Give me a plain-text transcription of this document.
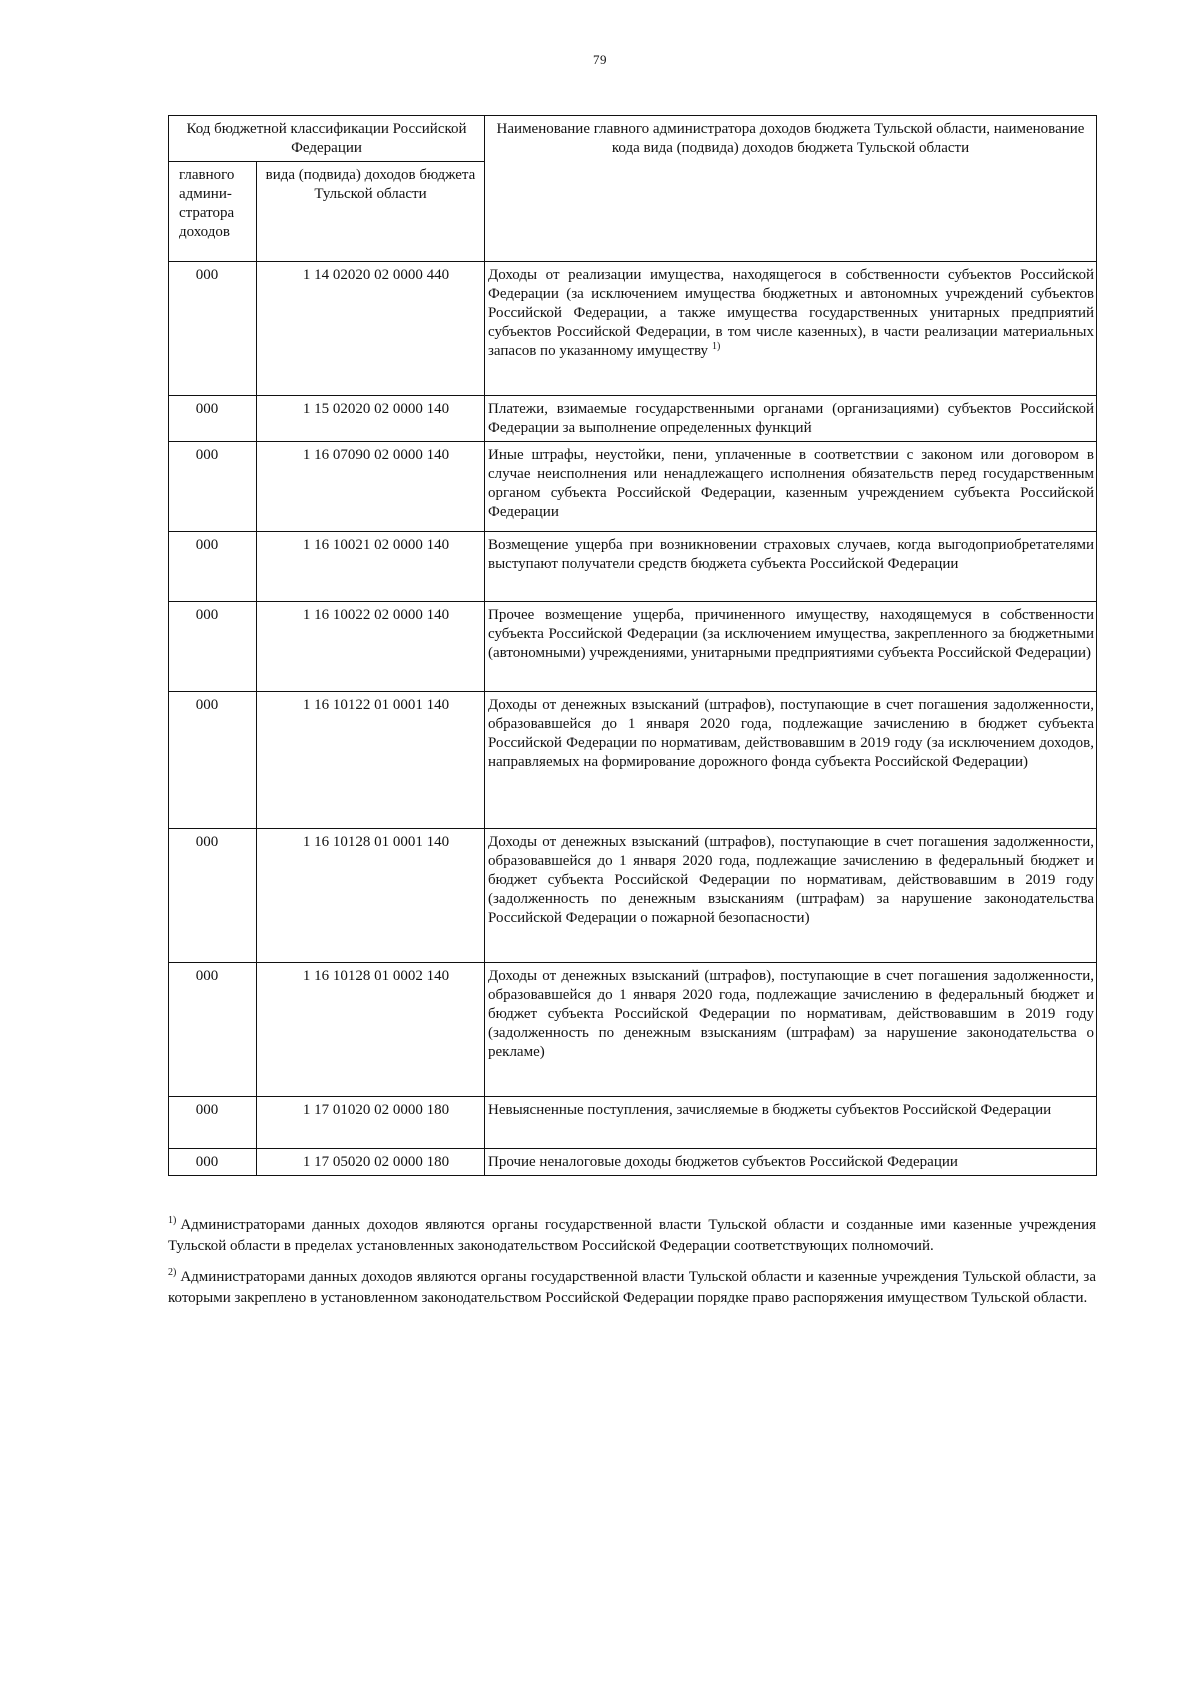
79
Код бюджетной классификации Российской Федерации		Наименование главного администратора доходов бюджета Тульской области, наименование кода вида (подвида) доходов бюджета Тульской области
главного админи-стратора доходов	вида (подвида) доходов бюджета Тульской области	
000	1 14 02020 02 0000 440	Доходы от реализации имущества, находящегося в собственности субъектов Российской Федерации (за исключением имущества бюджетных и автономных учреждений субъектов Российской Федерации, а также имущества государственных унитарных предприятий субъектов Российской Федерации, в том числе казенных), в части реализации материальных запасов по указанному имуществу $^{1)}$
000	1 15 02020 02 0000 140	Платежи, взимаемые государственными органами (организациями) субъектов Российской Федерации за выполнение определенных функций
000	1 16 07090 02 0000 140	Иные штрафы, неустойки, пени, уплаченные в соответствии с законом или договором в случае неисполнения или ненадлежащего исполнения обязательств перед государственным органом субъекта Российской Федерации, казенным учреждением субъекта Российской Федерации
000	1 16 10021 02 0000 140	Возмещение ущерба при возникновении страховых случаев, когда выгодоприобретателями выступают получатели средств бюджета субъекта Российской Федерации
000	1 16 10022 02 0000 140	Прочее возмещение ущерба, причиненного имуществу, находящемуся в собственности субъекта Российской Федерации (за исключением имущества, закрепленного за бюджетными (автономными) учреждениями, унитарными предприятиями субъекта Российской Федерации)
000	1 16 10122 01 0001 140	Доходы от денежных взысканий (штрафов), поступающие в счет погашения задолженности, образовавшейся до 1 января 2020 года, подлежащие зачислению в бюджет субъекта Российской Федерации по нормативам, действовавшим в 2019 году (за исключением доходов, направляемых на формирование дорожного фонда субъекта Российской Федерации)
000	1 16 10128 01 0001 140	Доходы от денежных взысканий (штрафов), поступающие в счет погашения задолженности, образовавшейся до 1 января 2020 года, подлежащие зачислению в федеральный бюджет и бюджет субъекта Российской Федерации по нормативам, действовавшим в 2019 году (задолженность по денежным взысканиям (штрафам) за нарушение законодательства Российской Федерации о пожарной безопасности)
000	1 16 10128 01 0002 140	Доходы от денежных взысканий (штрафов), поступающие в счет погашения задолженности, образовавшейся до 1 января 2020 года, подлежащие зачислению в федеральный бюджет и бюджет субъекта Российской Федерации по нормативам, действовавшим в 2019 году (задолженность по денежным взысканиям (штрафам) за нарушение законодательства о рекламе)
000	1 17 01020 02 0000 180	Невыясненные поступления, зачисляемые в бюджеты субъектов Российской Федерации
000	1 17 05020 02 0000 180	Прочие неналоговые доходы бюджетов субъектов Российской Федерации

$^{1)}$ Администраторами данных доходов являются органы государственной власти Тульской области и созданные ими казенные учреждения Тульской области в пределах установленных законодательством Российской Федерации соответствующих полномочий.

$^{2)}$ Администраторами данных доходов являются органы государственной власти Тульской области и казенные учреждения Тульской области, за которыми закреплено в установленном законодательством Российской Федерации порядке право распоряжения имуществом Тульской области.
